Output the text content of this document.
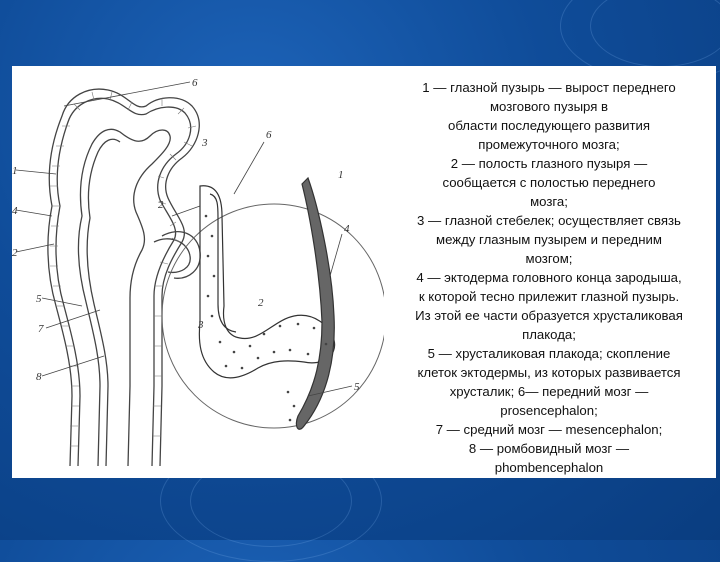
6
3
1
4
2
5
7
8
2
6
3
2
4
5
1
1 — глазной пузырь — вырост переднего
мозгового пузыря в
области последующего развития
промежуточного мозга;
2 — полость глазного пузыря —
сообщается с полостью переднего
мозга;
3 — глазной стебелек; осуществляет связь
между глазным пузырем и передним
мозгом;
4 — эктодерма головного конца зародыша,
к которой тесно прилежит глазной пузырь.
Из этой ее части образуется хрусталиковая
плакода;
5 — хрусталиковая плакода; скопление
клеток эктодермы, из которых развивается
хрусталик; 6— передний мозг —
prosencephalon;
7 — средний мозг — mesencephalon;
8 — ромбовидный мозг —
phombencephalon
